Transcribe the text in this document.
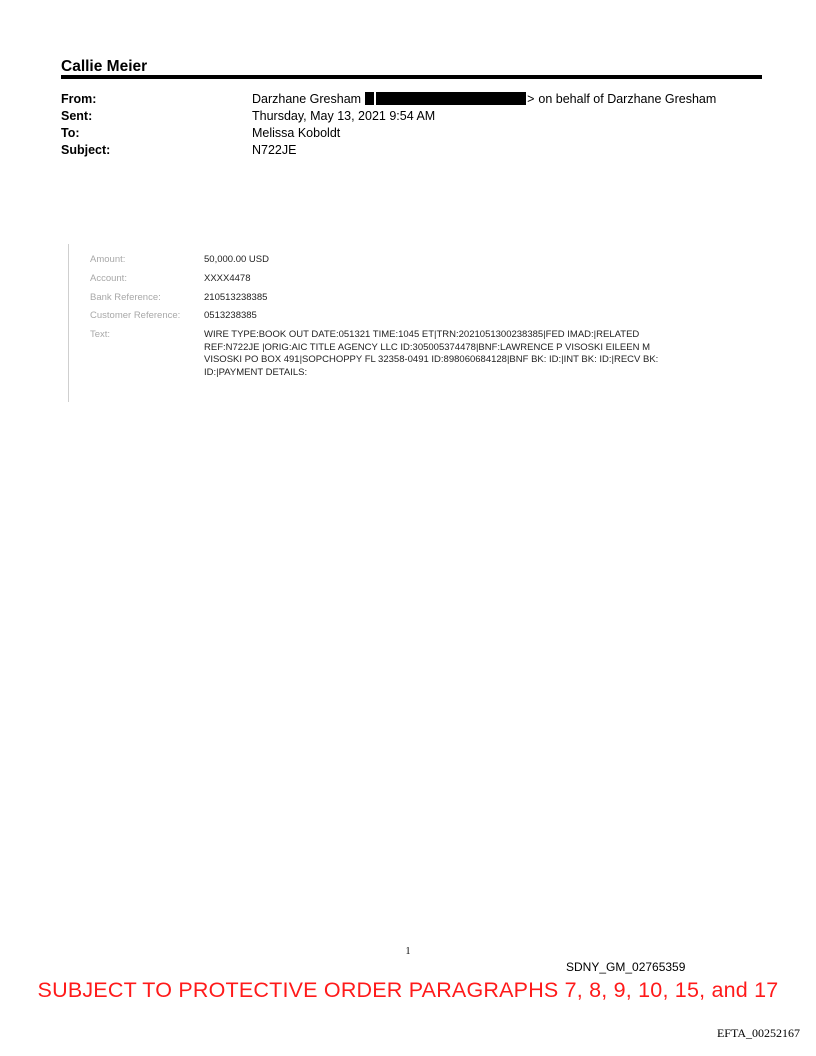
Callie Meier
From:	Darzhane Gresham	> on behalf of Darzhane Gresham
Sent:	Thursday, May 13, 2021 9:54 AM
To:	Melissa Koboldt
Subject:	N722JE
Amount:	50,000.00 USD
Account:	XXXX4478
Bank Reference:	210513238385
Customer Reference:	0513238385
Text:	WIRE TYPE:BOOK OUT DATE:051321 TIME:1045 ET|TRN:2021051300238385|FED IMAD:|RELATED
REF:N722JE |ORIG:AIC TITLE AGENCY LLC ID:305005374478|BNF:LAWRENCE P VISOSKI EILEEN M
VISOSKI PO BOX 491|SOPCHOPPY FL 32358-0491 ID:898060684128|BNF BK: ID:|INT BK: ID:|RECV BK:
ID:|PAYMENT DETAILS:
1
SDNY_GM_02765359
SUBJECT TO PROTECTIVE ORDER PARAGRAPHS 7, 8, 9, 10, 15, and 17
EFTA_00252167
